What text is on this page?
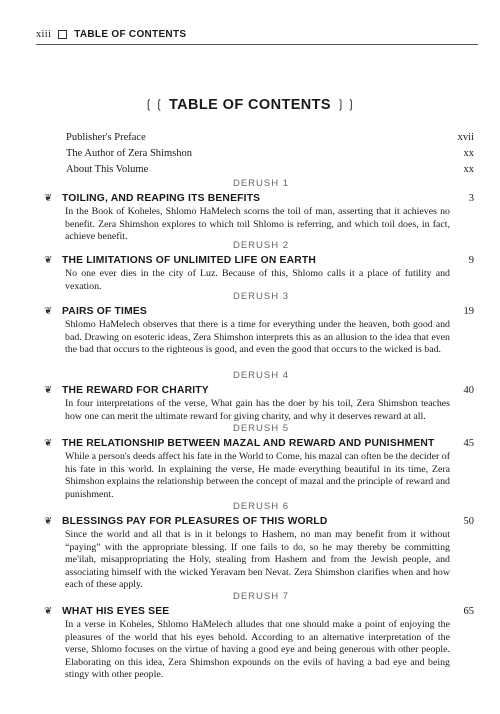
xiii TABLE OF CONTENTS
❲❲ TABLE OF CONTENTS ❳❳
Publisher's Preface	xvii
The Author of Zera Shimshon	xx
About This Volume	xx
DERUSH 1
❦ TOILING, AND REAPING ITS BENEFITS	3
In the Book of Koheles, Shlomo HaMelech scorns the toil of man, asserting that it achieves no benefit. Zera Shimshon explores to which toil Shlomo is referring, and which toil does, in fact, achieve benefit.
DERUSH 2
❦ THE LIMITATIONS OF UNLIMITED LIFE ON EARTH	9
No one ever dies in the city of Luz. Because of this, Shlomo calls it a place of futility and vexation.
DERUSH 3
❦ PAIRS OF TIMES	19
Shlomo HaMelech observes that there is a time for everything under the heaven, both good and bad. Drawing on esoteric ideas, Zera Shimshon interprets this as an allusion to the idea that even the bad that occurs to the righteous is good, and even the good that occurs to the wicked is bad.
DERUSH 4
❦ THE REWARD FOR CHARITY	40
In four interpretations of the verse, What gain has the doer by his toil, Zera Shimshon teaches how one can merit the ultimate reward for giving charity, and why it deserves reward at all.
DERUSH 5
❦ THE RELATIONSHIP BETWEEN MAZAL AND REWARD AND PUNISHMENT	45
While a person's deeds affect his fate in the World to Come, his mazal can often be the decider of his fate in this world. In explaining the verse, He made everything beautiful in its time, Zera Shimshon explains the relationship between the concept of mazal and the principle of reward and punishment.
DERUSH 6
❦ BLESSINGS PAY FOR PLEASURES OF THIS WORLD	50
Since the world and all that is in it belongs to Hashem, no man may benefit from it without “paying” with the appropriate blessing. If one fails to do, so he may thereby be committing me'ilah, misappropriating the Holy, stealing from Hashem and from the Jewish people, and associating himself with the wicked Yeravam ben Nevat. Zera Shimshon clarifies when and how each of these apply.
DERUSH 7
❦ WHAT HIS EYES SEE	65
In a verse in Koheles, Shlomo HaMelech alludes that one should make a point of enjoying the pleasures of the world that his eyes behold. According to an alternative interpretation of the verse, Shlomo focuses on the virtue of having a good eye and being generous with other people. Elaborating on this idea, Zera Shimshon expounds on the evils of having a bad eye and being stingy with other people.
